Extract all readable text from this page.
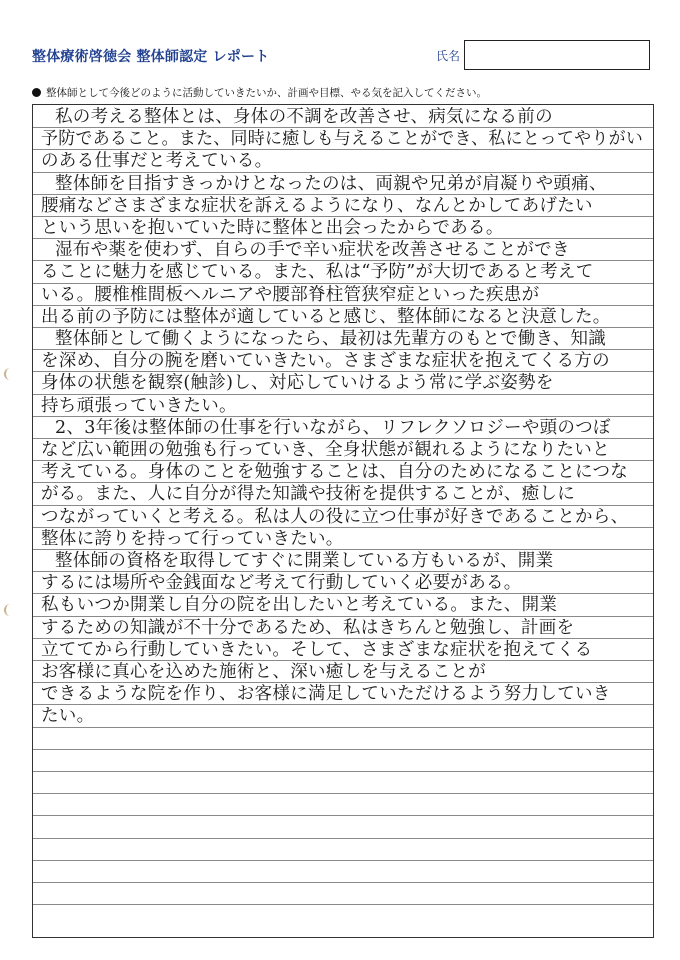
整体療術啓徳会 整体師認定 レポート	氏名
整体師として今後どのように活動していきたいか、計画や目標、やる気を記入してください。
私の考える整体とは、身体の不調を改善させ、病気になる前の
予防であること。また、同時に癒しも与えることができ、私にとってやりがい
のある仕事だと考えている。
整体師を目指すきっかけとなったのは、両親や兄弟が肩凝りや頭痛、
腰痛などさまざまな症状を訴えるようになり、なんとかしてあげたい
という思いを抱いていた時に整体と出会ったからである。
湿布や薬を使わず、自らの手で辛い症状を改善させることができ
ることに魅力を感じている。また、私は“予防”が大切であると考えて
いる。腰椎椎間板ヘルニアや腰部脊柱管狭窄症といった疾患が
出る前の予防には整体が適していると感じ、整体師になると決意した。
整体師として働くようになったら、最初は先輩方のもとで働き、知識
を深め、自分の腕を磨いていきたい。さまざまな症状を抱えてくる方の
身体の状態を観察(触診)し、対応していけるよう常に学ぶ姿勢を
持ち頑張っていきたい。
2、3年後は整体師の仕事を行いながら、リフレクソロジーや頭のつぼ
など広い範囲の勉強も行っていき、全身状態が観れるようになりたいと
考えている。身体のことを勉強することは、自分のためになることにつな
がる。また、人に自分が得た知識や技術を提供することが、癒しに
つながっていくと考える。私は人の役に立つ仕事が好きであることから、
整体に誇りを持って行っていきたい。
整体師の資格を取得してすぐに開業している方もいるが、開業
するには場所や金銭面など考えて行動していく必要がある。
私もいつか開業し自分の院を出したいと考えている。また、開業
するための知識が不十分であるため、私はきちんと勉強し、計画を
立ててから行動していきたい。そして、さまざまな症状を抱えてくる
お客様に真心を込めた施術と、深い癒しを与えることが
できるような院を作り、お客様に満足していただけるよう努力していき
たい。
